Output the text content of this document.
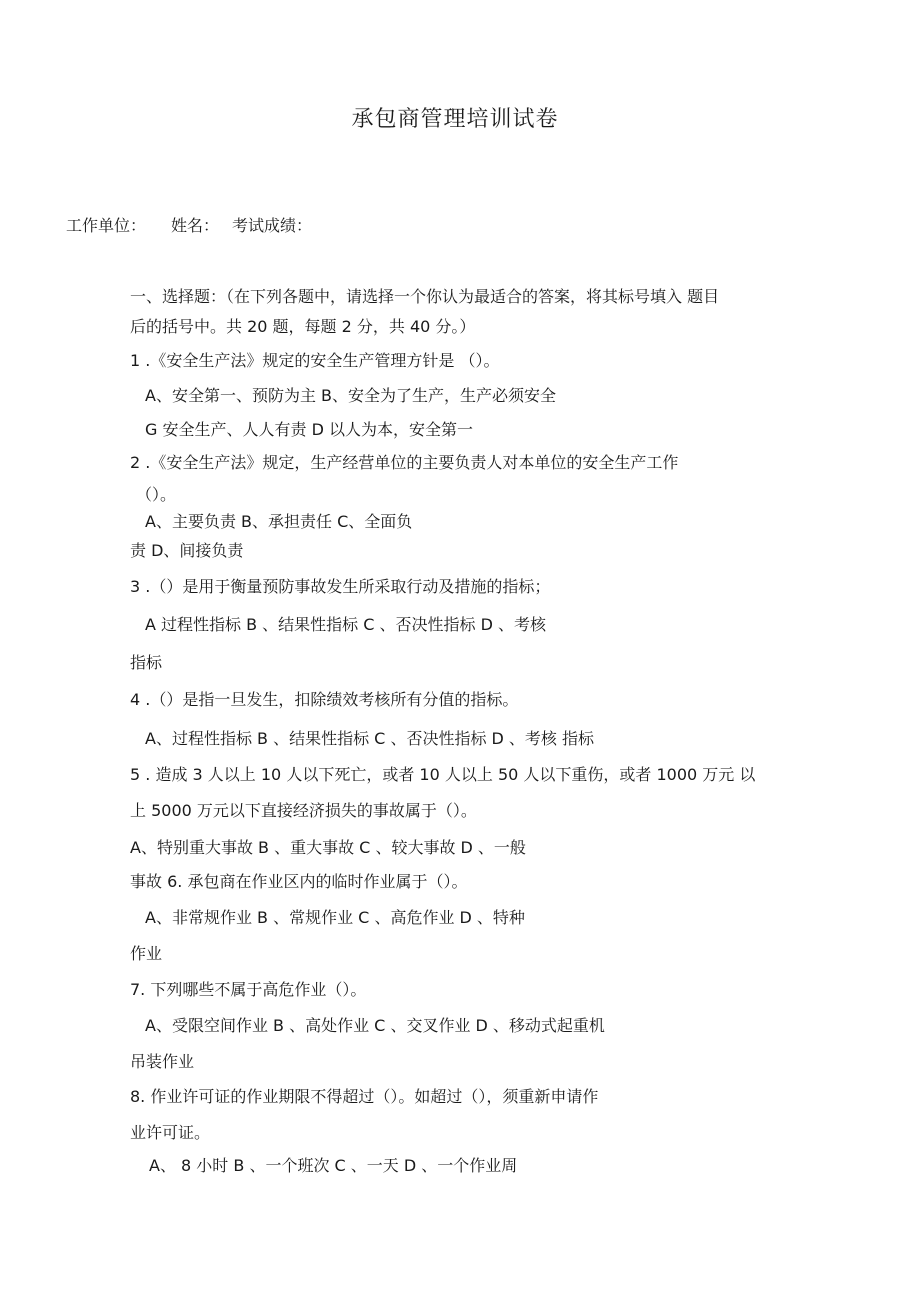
承包商管理培训试卷
工作单位： 姓名： 考试成绩：
一、选择题：（在下列各题中，请选择一个你认为最适合的答案，将其标号填入 题目
后的括号中。共 20 题，每题 2 分，共 40 分。）
1 .《安全生产法》规定的安全生产管理方针是 （）。
A、安全第一、预防为主 B、安全为了生产，生产必须安全
G 安全生产、人人有责 D 以人为本，安全第一
2 .《安全生产法》规定，生产经营单位的主要负责人对本单位的安全生产工作
（）。
A、主要负责 B、承担责任 C、全面负
责 D、间接负责
3 .（）是用于衡量预防事故发生所采取行动及措施的指标；
A 过程性指标 B 、结果性指标 C 、否决性指标 D 、考核
指标
4 .（）是指一旦发生，扣除绩效考核所有分值的指标。
A、过程性指标 B 、结果性指标 C 、否决性指标 D 、考核 指标
5 . 造成 3 人以上 10 人以下死亡，或者 10 人以上 50 人以下重伤，或者 1000 万元 以
上 5000 万元以下直接经济损失的事故属于（）。
A、特别重大事故 B 、重大事故 C 、较大事故 D 、一般
事故 6. 承包商在作业区内的临时作业属于（）。
A、非常规作业 B 、常规作业 C 、高危作业 D 、特种
作业
7. 下列哪些不属于高危作业（）。
A、受限空间作业 B 、高处作业 C 、交叉作业 D 、移动式起重机
吊装作业
8. 作业许可证的作业期限不得超过（）。如超过（），须重新申请作
业许可证。
A、 8 小时 B 、一个班次 C 、一天 D 、一个作业周
